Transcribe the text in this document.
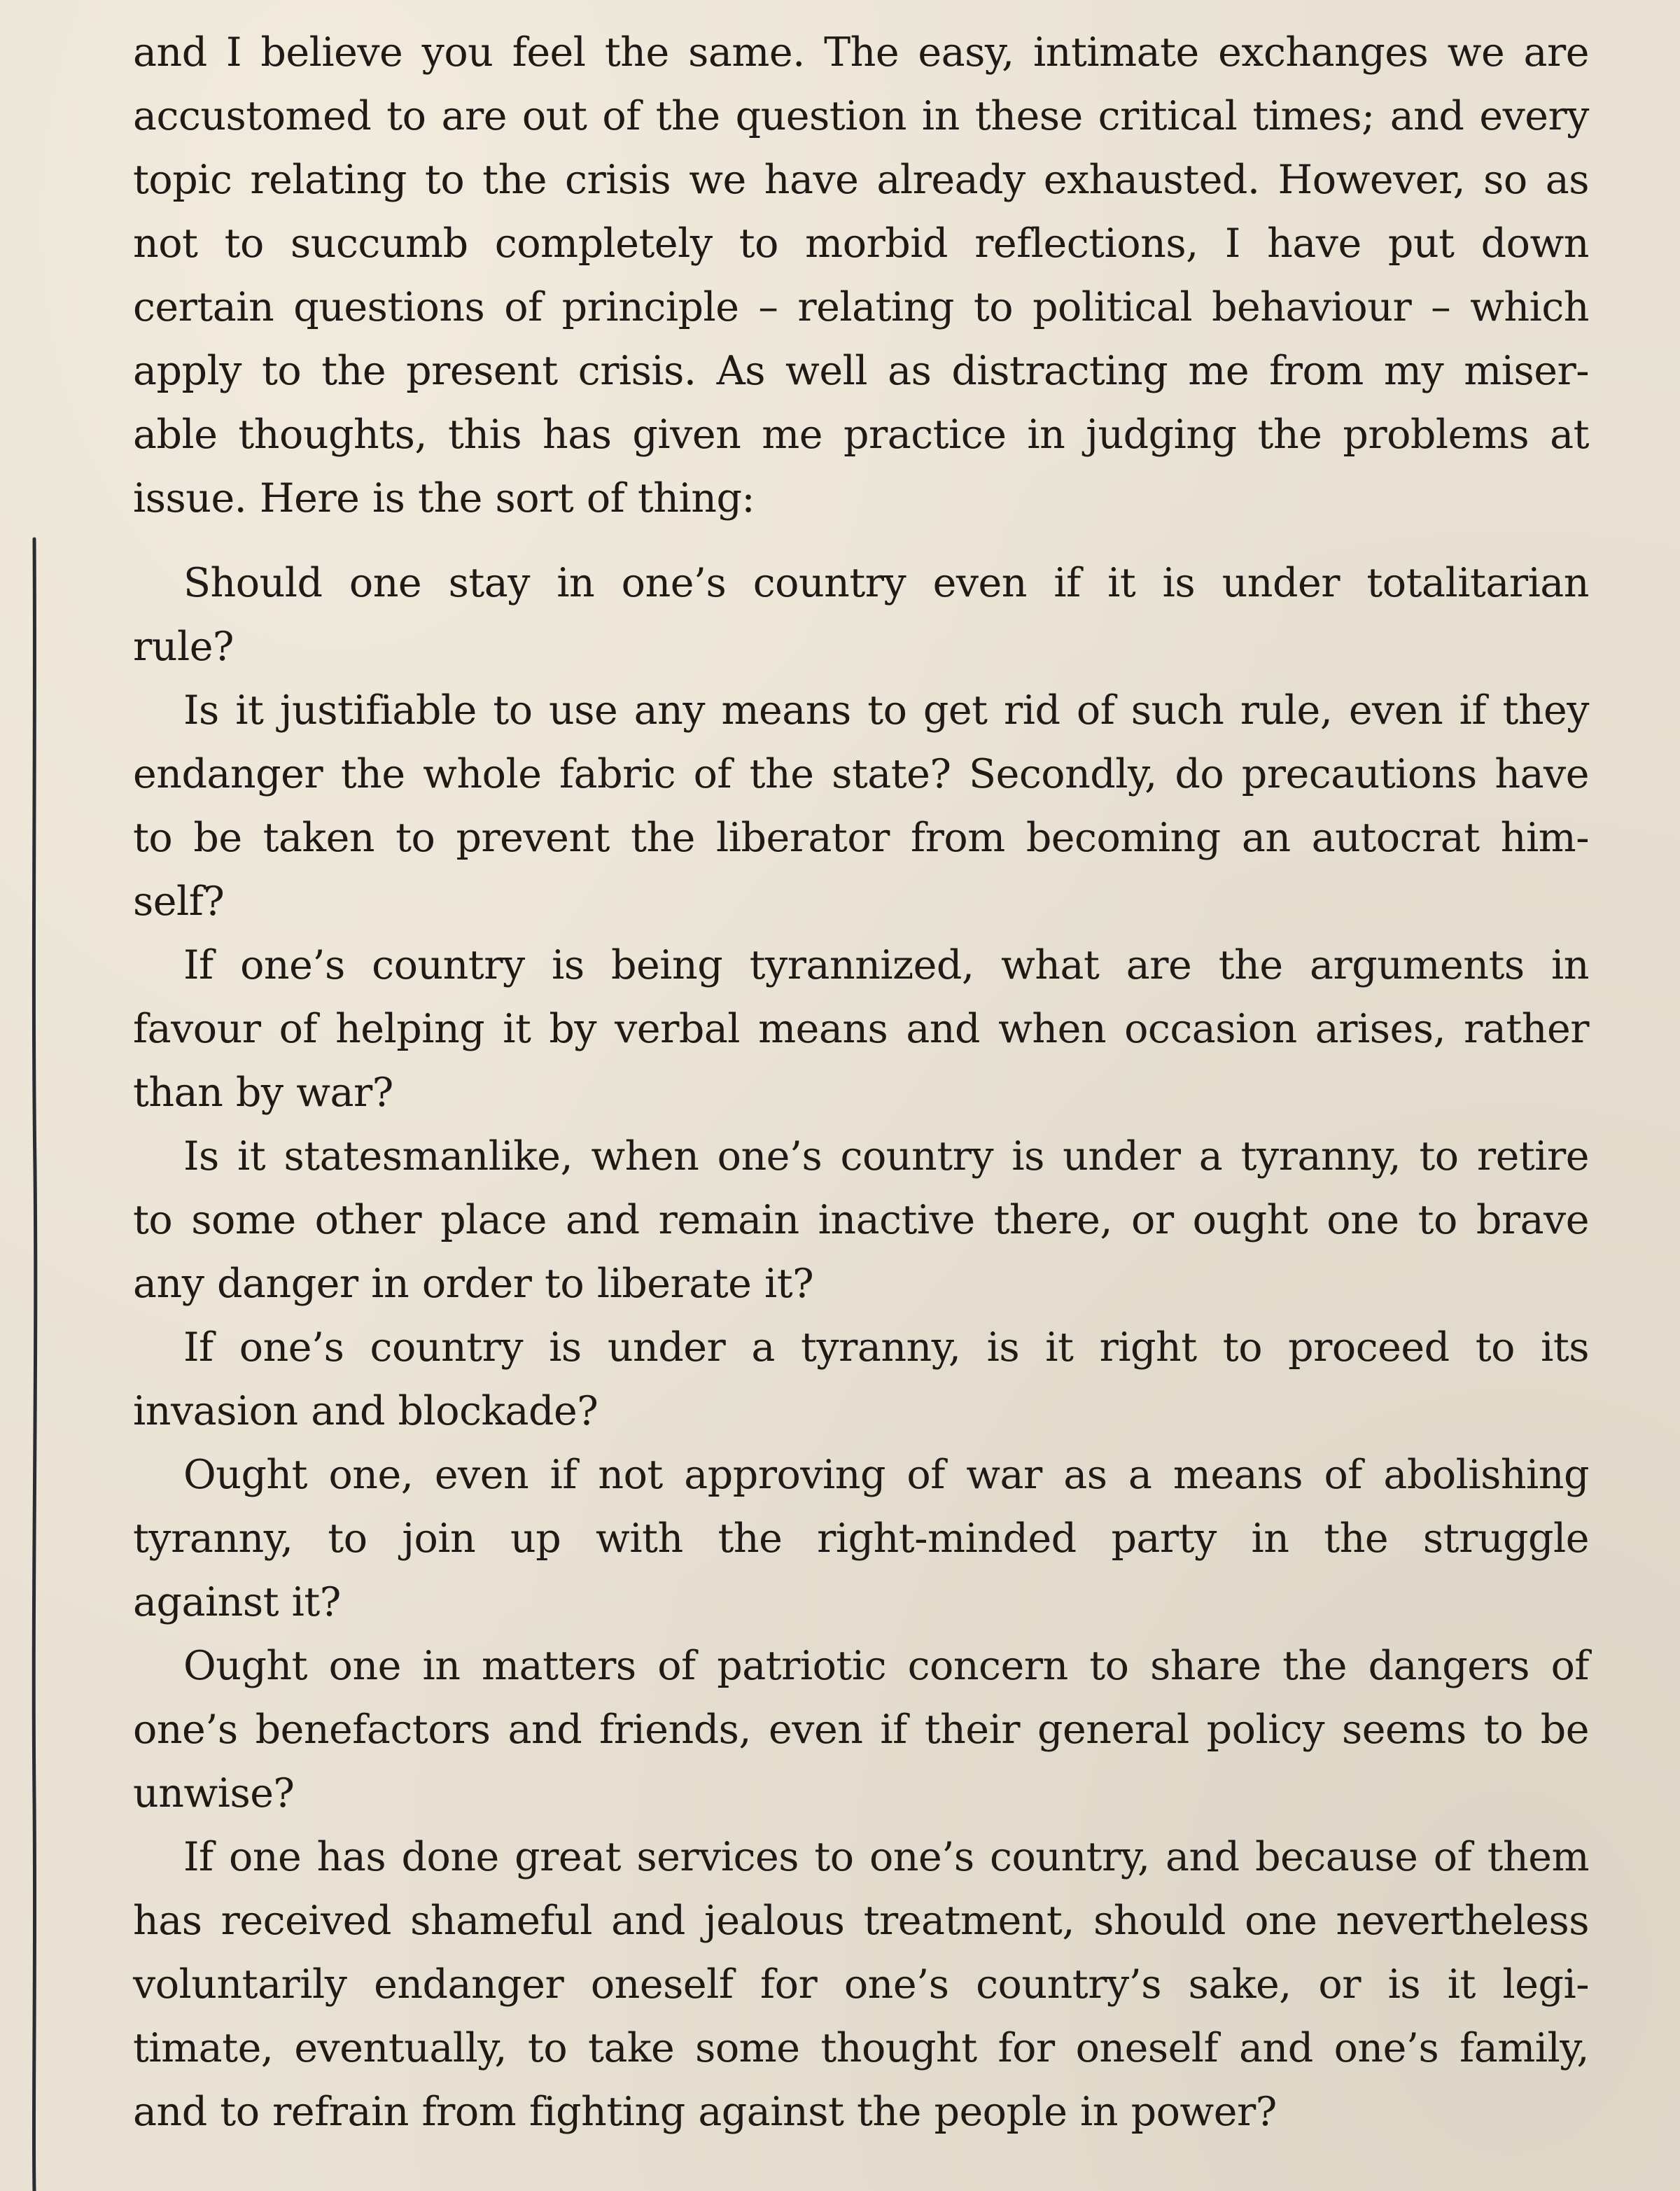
and I believe you feel the same. The easy, intimate exchanges we are
accustomed to are out of the question in these critical times; and every
topic relating to the crisis we have already exhausted. However, so as
not to succumb completely to morbid reflections, I have put down
certain questions of principle – relating to political behaviour – which
apply to the present crisis. As well as distracting me from my miser-
able thoughts, this has given me practice in judging the problems at
issue. Here is the sort of thing:
Should one stay in one’s country even if it is under totalitarian
rule?
Is it justifiable to use any means to get rid of such rule, even if they
endanger the whole fabric of the state? Secondly, do precautions have
to be taken to prevent the liberator from becoming an autocrat him-
self?
If one’s country is being tyrannized, what are the arguments in
favour of helping it by verbal means and when occasion arises, rather
than by war?
Is it statesmanlike, when one’s country is under a tyranny, to retire
to some other place and remain inactive there, or ought one to brave
any danger in order to liberate it?
If one’s country is under a tyranny, is it right to proceed to its
invasion and blockade?
Ought one, even if not approving of war as a means of abolishing
tyranny, to join up with the right-minded party in the struggle
against it?
Ought one in matters of patriotic concern to share the dangers of
one’s benefactors and friends, even if their general policy seems to be
unwise?
If one has done great services to one’s country, and because of them
has received shameful and jealous treatment, should one nevertheless
voluntarily endanger oneself for one’s country’s sake, or is it legi-
timate, eventually, to take some thought for oneself and one’s family,
and to refrain from fighting against the people in power?
